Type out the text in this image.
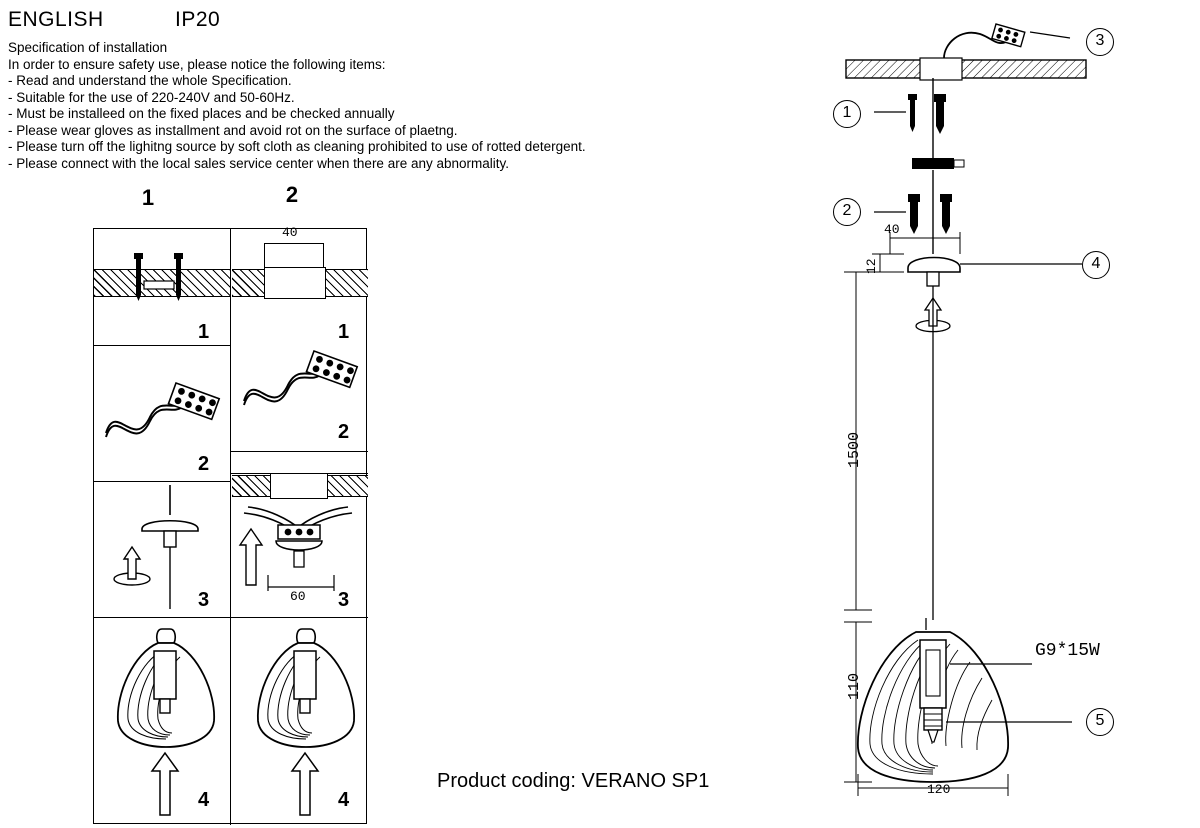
ENGLISH	IP20
Specification of installation
In order to ensure safety use, please notice the following items:
- Read and understand the whole Specification.
- Suitable for the use of 220-240V and 50-60Hz.
- Must be installeed on the fixed places and be checked annually
- Please wear gloves as installment and avoid rot on the surface of plaetng.
- Please turn off the lighitng source by soft cloth as cleaning prohibited to use of rotted detergent.
- Please connect with the local sales service center when there are any abnormality.
1	2
1
2
3
4
40
1
2
60 3
4
Product coding: VERANO SP1
3
1
2
4
5
40
12
1500
110
120
G9*15W
